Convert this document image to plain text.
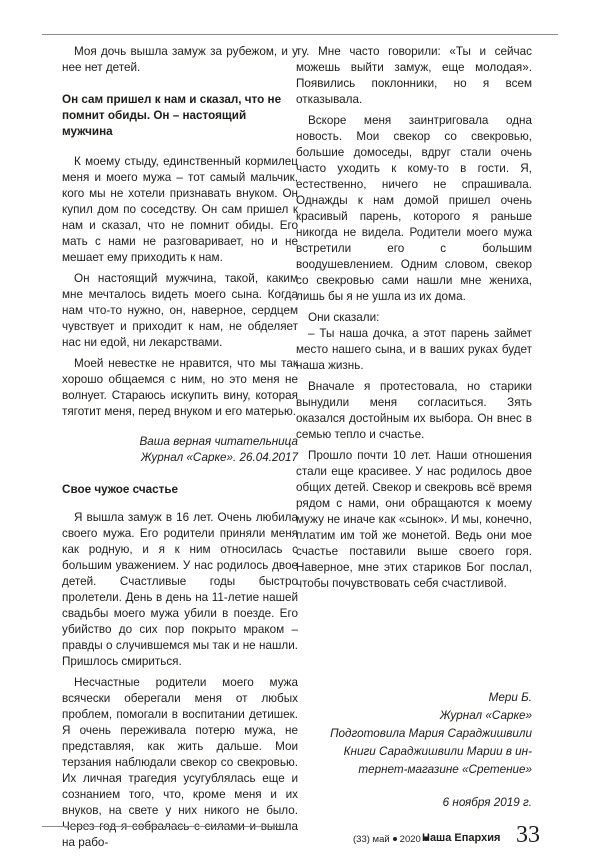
Моя дочь вышла замуж за рубежом, и у нее нет детей.

Он сам пришел к нам и сказал, что не помнит обиды. Он – настоящий мужчина

К моему стыду, единственный кормилец меня и моего мужа – тот самый мальчик, кого мы не хотели признавать внуком. Он купил дом по соседству. Он сам пришел к нам и сказал, что не помнит обиды. Его мать с нами не разговаривает, но и не мешает ему приходить к нам.

Он настоящий мужчина, такой, каким мне мечталось видеть моего сына. Когда нам что-то нужно, он, наверное, сердцем чувствует и приходит к нам, не обделяет нас ни едой, ни лекарствами.

Моей невестке не нравится, что мы так хорошо общаемся с ним, но это меня не волнует. Стараюсь искупить вину, которая тяготит меня, перед внуком и его матерью.

Ваша верная читательница

Журнал «Сарке». 26.04.2017

Свое чужое счастье

Я вышла замуж в 16 лет. Очень любила своего мужа. Его родители приняли меня как родную, и я к ним относилась с большим уважением. У нас родилось двое детей. Счастливые годы быстро пролетели. День в день на 11-летие нашей свадьбы моего мужа убили в поезде. Его убийство до сих пор покрыто мраком – правды о случившемся мы так и не нашли. Пришлось смириться.

Несчастные родители моего мужа всячески оберегали меня от любых проблем, помогали в воспитании детишек. Я очень переживала потерю мужа, не представляя, как жить дальше. Мои терзания наблюдали свекор со свекровью. Их личная трагедия усугублялась еще и сознанием того, что, кроме меня и их внуков, на свете у них никого не было. Через год я собралась с силами и вышла на рабо-

ту. Мне часто говорили: «Ты и сейчас можешь выйти замуж, еще молодая». Появились поклонники, но я всем отказывала.

Вскоре меня заинтриговала одна новость. Мои свекор со свекровью, большие домоседы, вдруг стали очень часто уходить к кому-то в гости. Я, естественно, ничего не спрашивала. Однажды к нам домой пришел очень красивый парень, которого я раньше никогда не видела. Родители моего мужа встретили его с большим воодушевлением. Одним словом, свекор со свекровью сами нашли мне жениха, лишь бы я не ушла из их дома.

Они сказали:

– Ты наша дочка, а этот парень займет место нашего сына, и в ваших руках будет наша жизнь.

Вначале я протестовала, но старики вынудили меня согласиться. Зять оказался достойным их выбора. Он внес в семью тепло и счастье.

Прошло почти 10 лет. Наши отношения стали еще красивее. У нас родилось двое общих детей. Свекор и свекровь всё время рядом с нами, они обращаются к моему мужу не иначе как «сынок». И мы, конечно, платим им той же монетой. Ведь они мое счастье поставили выше своего горя. Наверное, мне этих стариков Бог послал, чтобы почувствовать себя счастливой.

Мери Б.

Журнал «Сарке»

Подготовила Мария Сараджишвили

Книги Сараджишвили Марии в ин-

тернет-магазине «Сретение»

6 ноября 2019 г.

(33) май 2020 Наша Епархия 33
